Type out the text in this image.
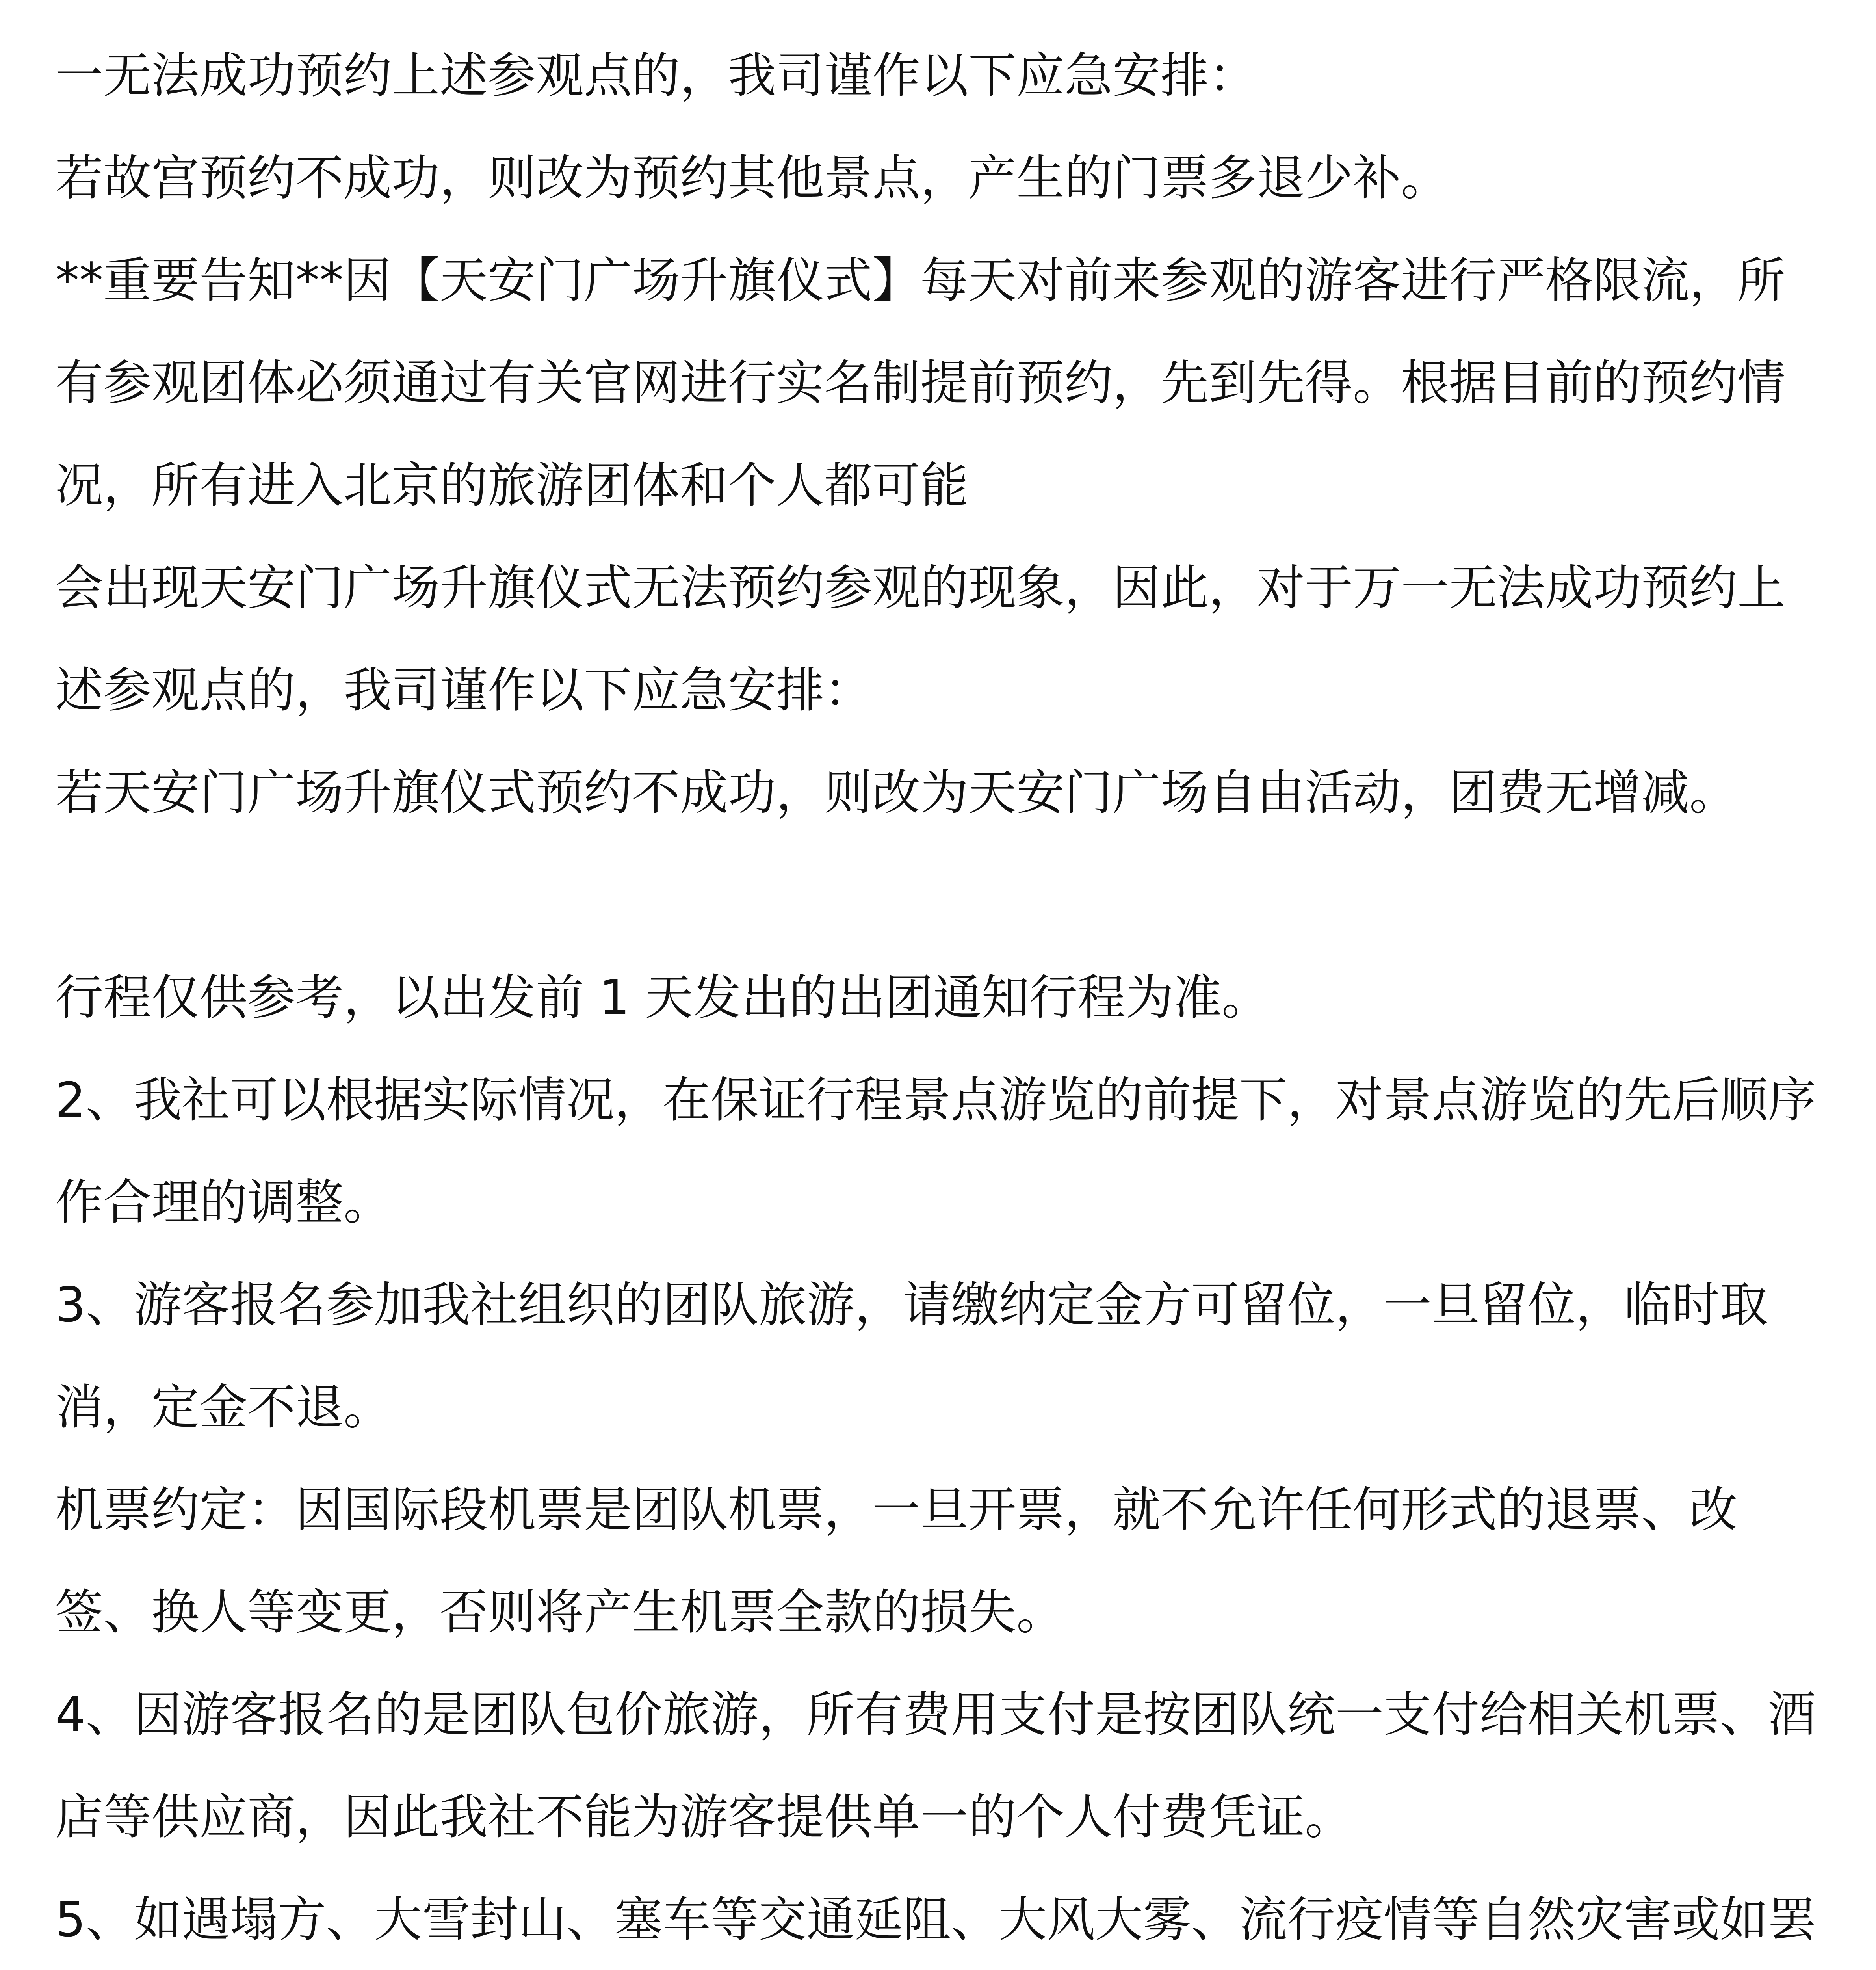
一无法成功预约上述参观点的，我司谨作以下应急安排：

若故宫预约不成功，则改为预约其他景点，产生的门票多退少补。

**重要告知**因【天安门广场升旗仪式】每天对前来参观的游客进行严格限流，所有参观团体必须通过有关官网进行实名制提前预约，先到先得。根据目前的预约情况，所有进入北京的旅游团体和个人都可能

会出现天安门广场升旗仪式无法预约参观的现象，因此，对于万一无法成功预约上述参观点的，我司谨作以下应急安排：

若天安门广场升旗仪式预约不成功，则改为天安门广场自由活动，团费无增减。

行程仅供参考，以出发前 1 天发出的出团通知行程为准。

2、我社可以根据实际情况，在保证行程景点游览的前提下，对景点游览的先后顺序作合理的调整。

3、游客报名参加我社组织的团队旅游，请缴纳定金方可留位，一旦留位，临时取消，定金不退。

机票约定：因国际段机票是团队机票，一旦开票，就不允许任何形式的退票、改签、换人等变更，否则将产生机票全款的损失。

4、因游客报名的是团队包价旅游，所有费用支付是按团队统一支付给相关机票、酒店等供应商，因此我社不能为游客提供单一的个人付费凭证。

5、如遇塌方、大雪封山、塞车等交通延阻、大风大雾、流行疫情等自然灾害或如罢
